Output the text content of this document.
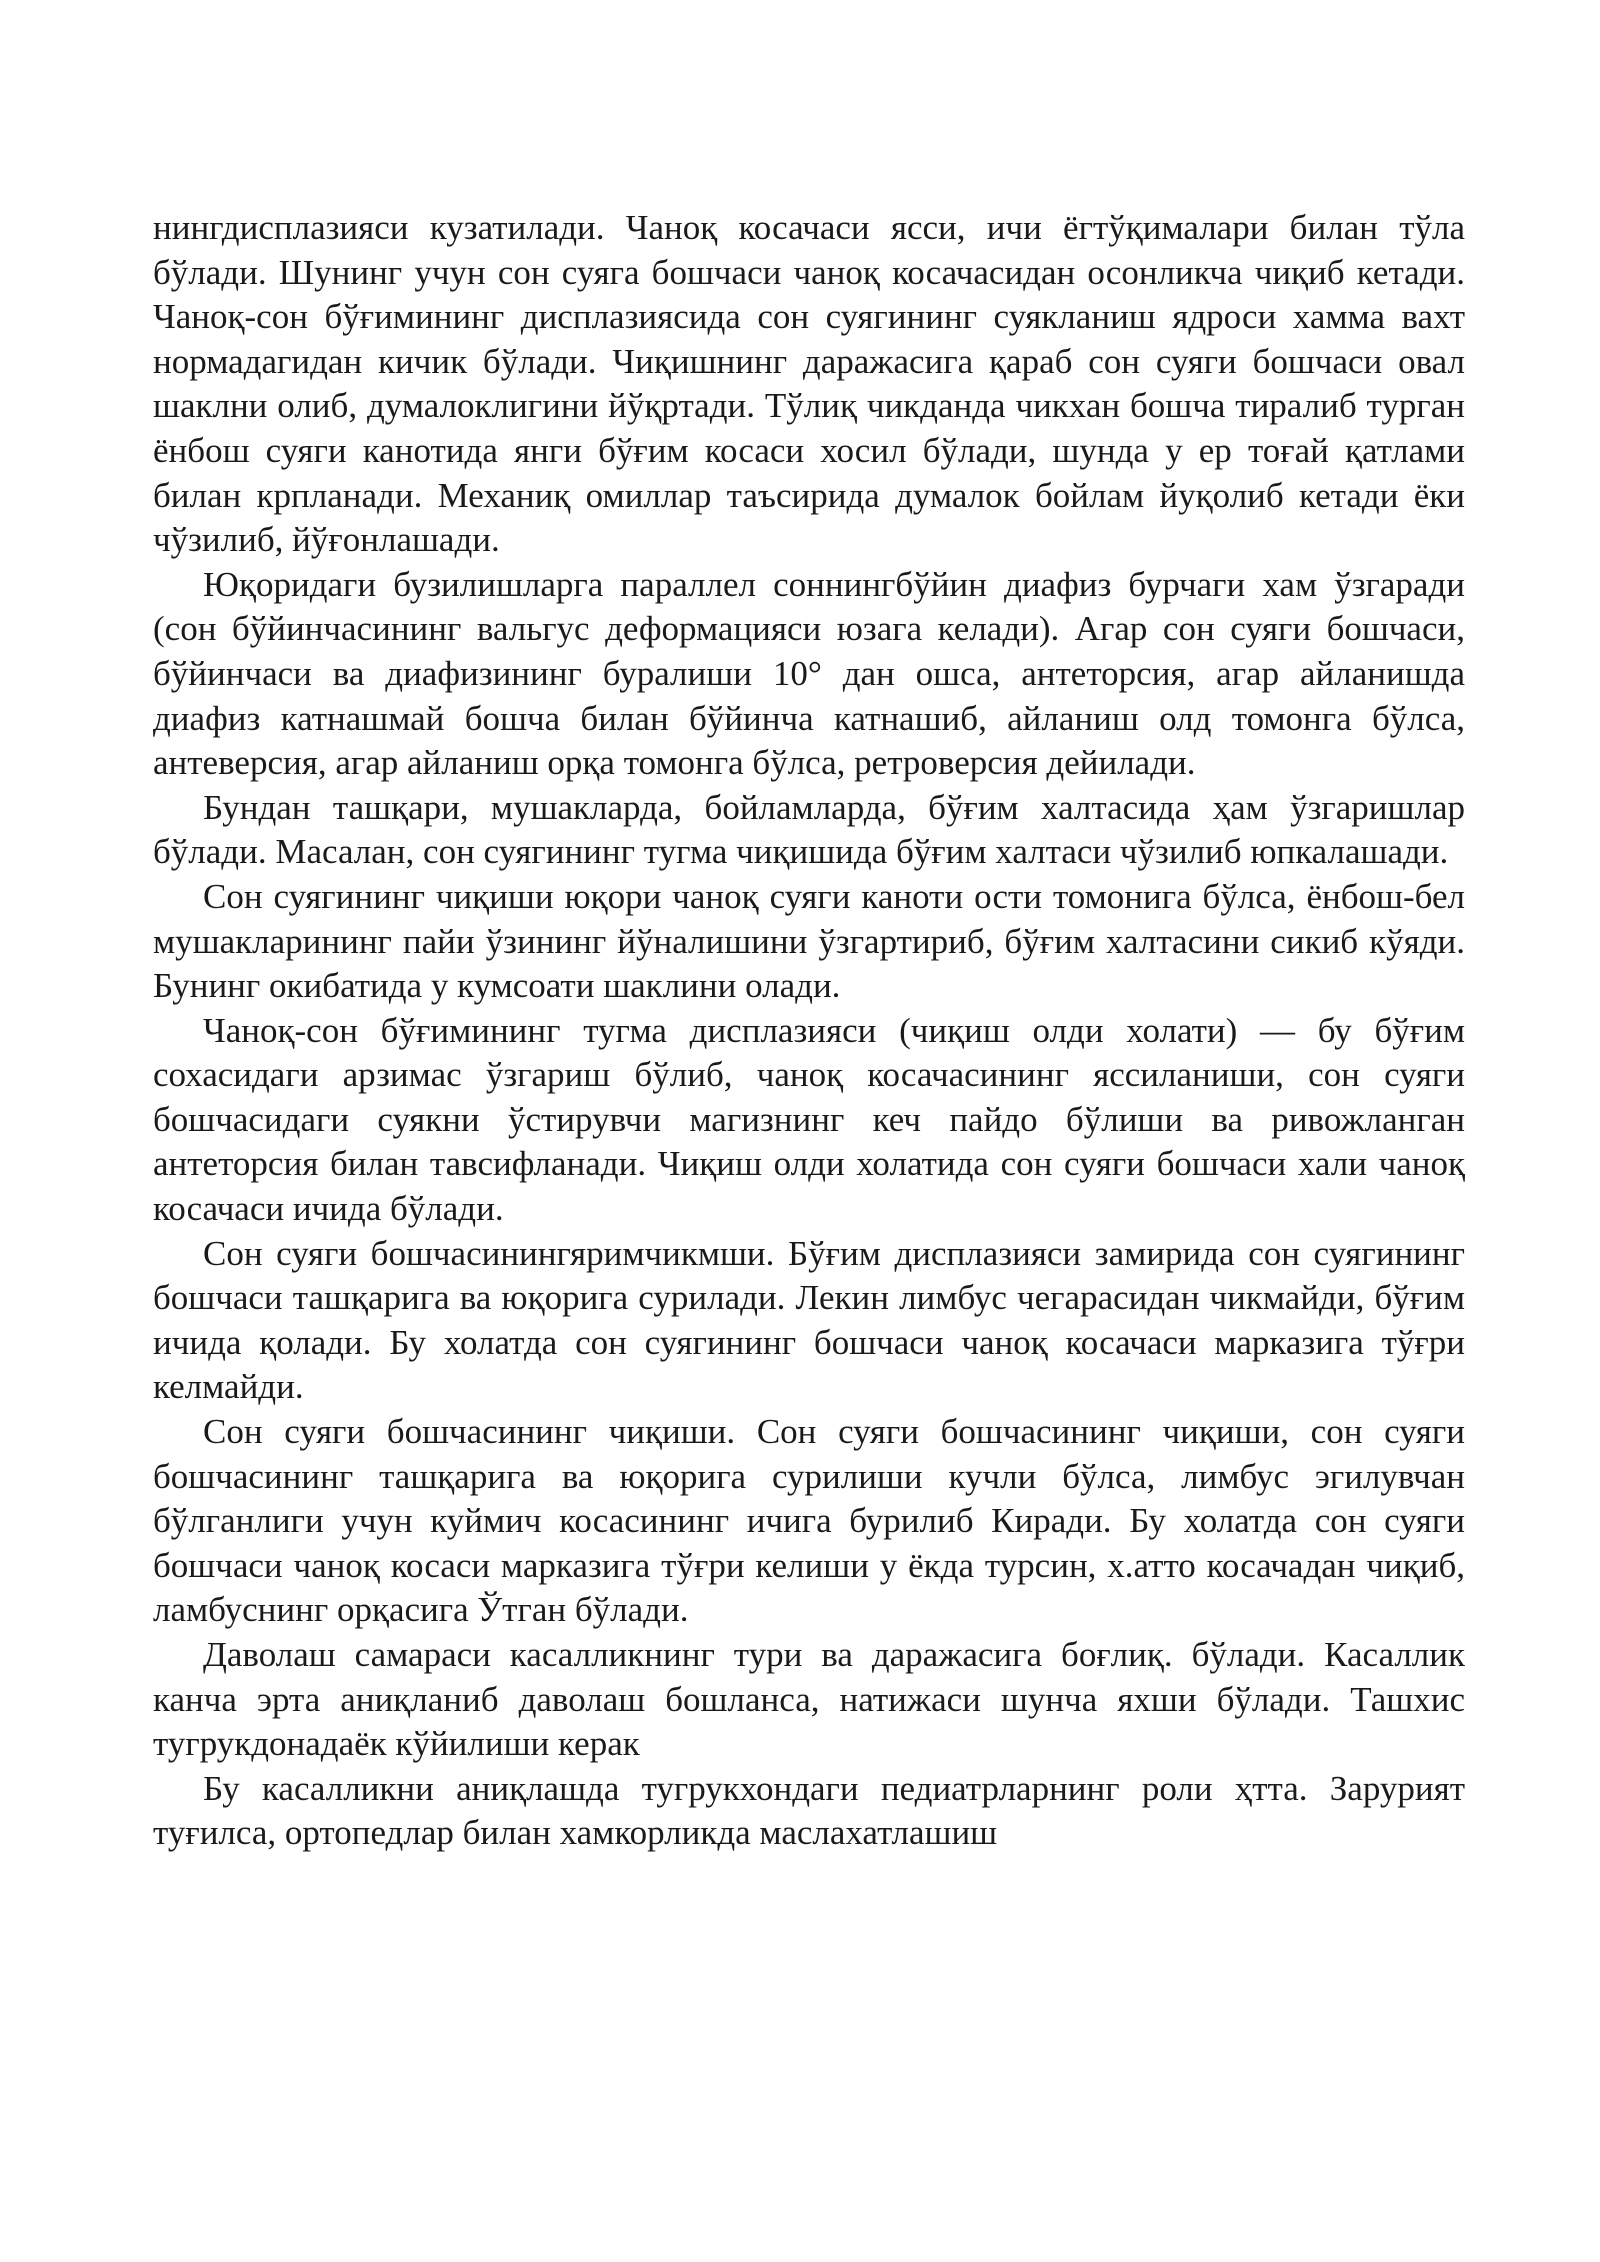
нингдисплазияси кузатилади. Чаноқ косачаси ясси, ичи ёгтўқималари билан тўла бўлади. Шунинг учун сон суяга бошчаси чаноқ косачасидан осонликча чиқиб кетади. Чаноқ-сон бўғимининг дисплазиясида сон суягининг суякланиш ядроси хамма вахт нормадагидан кичик бўлади. Чиқишнинг даражасига қараб сон суяги бошчаси овал шаклни олиб, думалоклигини йўқртади. Тўлиқ чикданда чикхан бошча тиралиб турган ёнбош суяги канотида янги бўғим косаси хосил бўлади, шунда у ер тоғай қатлами билан крпланади. Механиқ омиллар таъсирида думалок бойлам йуқолиб кетади ёки чўзилиб, йўғонлашади.

Юқоридаги бузилишларга параллел соннингбўйин диафиз бурчаги хам ўзгаради (сон бўйинчасининг вальгус деформацияси юзага келади). Агар сон суяги бошчаси, бўйинчаси ва диафизининг буралиши 10° дан ошса, антеторсия, агар айланишда диафиз катнашмай бошча билан бўйинча катнашиб, айланиш олд томонга бўлса, антеверсия, агар айланиш орқа томонга бўлса, ретроверсия дейилади.

Бундан ташқари, мушакларда, бойламларда, бўғим халтасида ҳам ўзгаришлар бўлади. Масалан, сон суягининг тугма чиқишида бўғим халтаси чўзилиб юпкалашади.

Сон суягининг чиқиши юқори чаноқ суяги каноти ости томонига бўлса, ёнбош-бел мушакларининг пайи ўзининг йўналишини ўзгартириб, бўғим халтасини сикиб кўяди. Бунинг окибатида у кумсоати шаклини олади.

Чаноқ-сон бўғимининг тугма дисплазияси (чиқиш олди холати) — бу бўғим сохасидаги арзимас ўзгариш бўлиб, чаноқ косачасининг яссиланиши, сон суяги бошчасидаги суякни ўстирувчи магизнинг кеч пайдо бўлиши ва ривожланган антеторсия билан тавсифланади. Чиқиш олди холатида сон суяги бошчаси хали чаноқ косачаси ичида бўлади.

Сон суяги бошчасинингяримчикмши. Бўғим дисплазияси замирида сон суягининг бошчаси ташқарига ва юқорига сурилади. Лекин лимбус чегарасидан чикмайди, бўғим ичида қолади. Бу холатда сон суягининг бошчаси чаноқ косачаси марказига тўғри келмайди.

Сон суяги бошчасининг чиқиши. Сон суяги бошчасининг чиқиши, сон суяги бошчасининг ташқарига ва юқорига сурилиши кучли бўлса, лимбус эгилувчан бўлганлиги учун куймич косасининг ичига бурилиб Киради. Бу холатда сон суяги бошчаси чаноқ косаси марказига тўғри келиши у ёкда турсин, х.атто косачадан чиқиб, ламбуснинг орқасига Ўтган бўлади.

Даволаш самараси касалликнинг тури ва даражасига боғлиқ. бўлади. Касаллик канча эрта аниқланиб даволаш бошланса, натижаси шунча яхши бўлади. Ташхис тугрукдонадаёк кўйилиши керак

Бу касалликни аниқлашда тугрукхондаги педиатрларнинг роли ҳтта. Зарурият туғилса, ортопедлар билан хамкорликда маслахатлашиш
